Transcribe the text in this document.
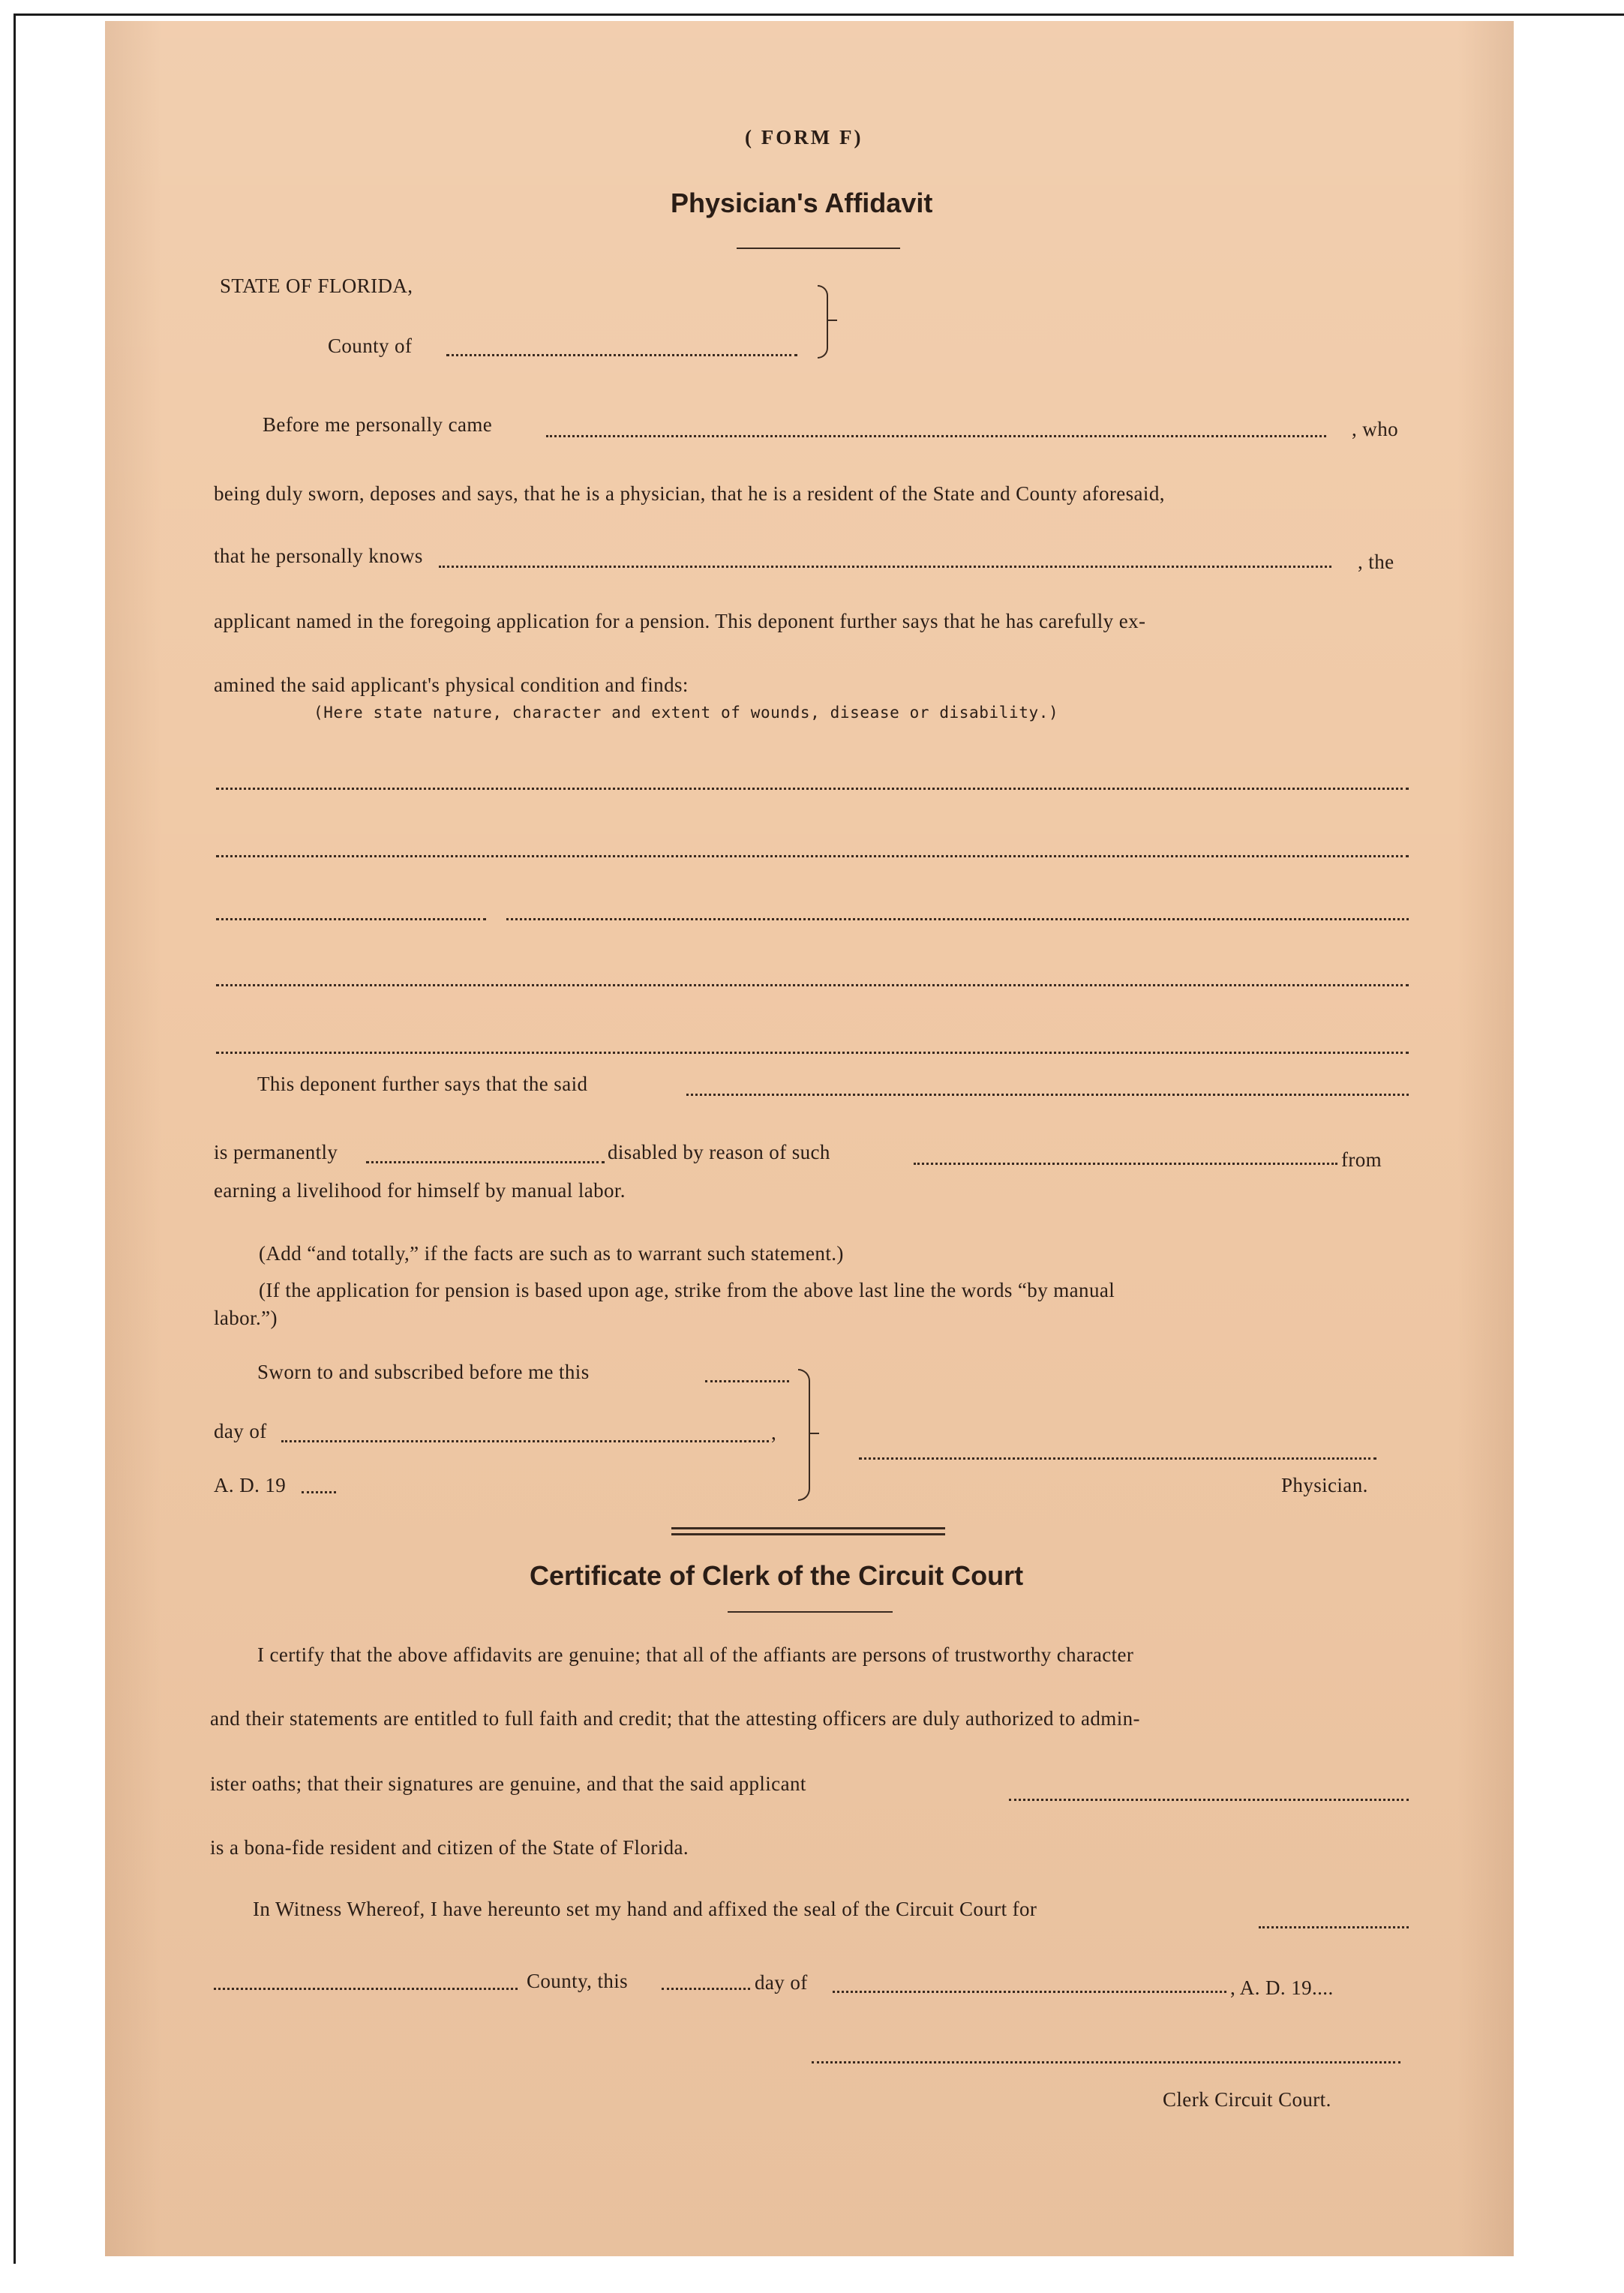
( FORM F)
Physician's Affidavit
STATE OF FLORIDA,
County of
Before me personally came	, who
being duly sworn, deposes and says, that he is a physician, that he is a resident of the State and County aforesaid,
that he personally knows	, the
applicant named in the foregoing application for a pension. This deponent further says that he has carefully ex-
amined the said applicant's physical condition and finds:
(Here state nature, character and extent of wounds, disease or disability.)
This deponent further says that the said
is permanently	disabled by reason of such	from
earning a livelihood for himself by manual labor.
(Add “and totally,” if the facts are such as to warrant such statement.)
(If the application for pension is based upon age, strike from the above last line the words “by manual
labor.”)
Sworn to and subscribed before me this
day of	,
A. D. 19	Physician.
Certificate of Clerk of the Circuit Court
I certify that the above affidavits are genuine; that all of the affiants are persons of trustworthy character
and their statements are entitled to full faith and credit; that the attesting officers are duly authorized to admin-
ister oaths; that their signatures are genuine, and that the said applicant
is a bona-fide resident and citizen of the State of Florida.
In Witness Whereof, I have hereunto set my hand and affixed the seal of the Circuit Court for
County, this	day of	, A. D. 19....
Clerk Circuit Court.
